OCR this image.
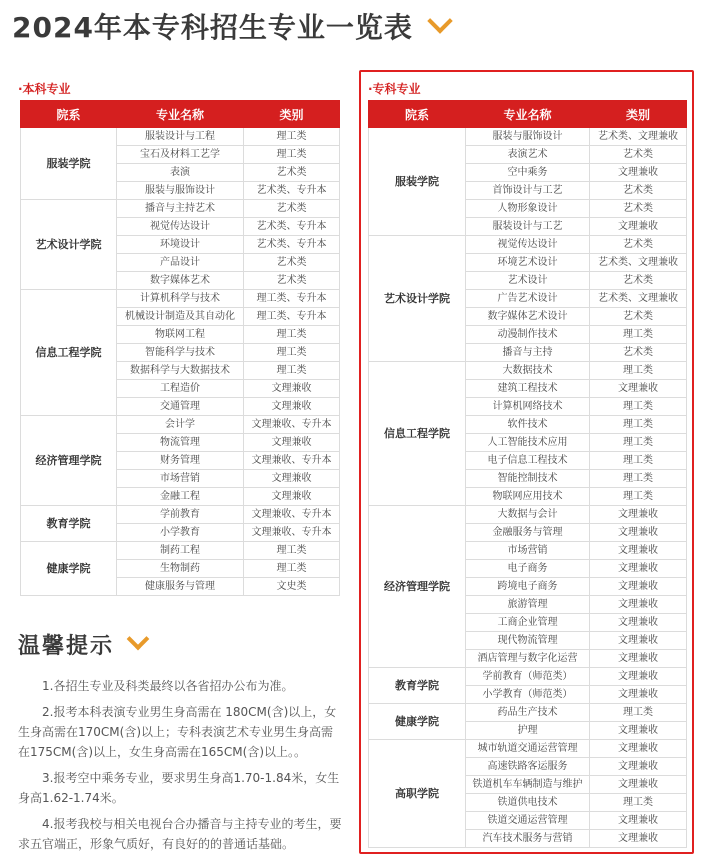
2024年本专科招生专业一览表
·本科专业
院系	专业名称	类别
服装学院	服装设计与工程	理工类
	宝石及材料工艺学	理工类
	表演	艺术类
	服装与服饰设计	艺术类、专升本
艺术设计学院	播音与主持艺术	艺术类
	视觉传达设计	艺术类、专升本
	环境设计	艺术类、专升本
	产品设计	艺术类
	数字媒体艺术	艺术类
信息工程学院	计算机科学与技术	理工类、专升本
	机械设计制造及其自动化	理工类、专升本
	物联网工程	理工类
	智能科学与技术	理工类
	数据科学与大数据技术	理工类
	工程造价	文理兼收
	交通管理	文理兼收
经济管理学院	会计学	文理兼收、专升本
	物流管理	文理兼收
	财务管理	文理兼收、专升本
	市场营销	文理兼收
	金融工程	文理兼收
教育学院	学前教育	文理兼收、专升本
	小学教育	文理兼收、专升本
健康学院	制药工程	理工类
	生物制药	理工类
	健康服务与管理	文史类
·专科专业
院系	专业名称	类别
服装学院	服装与服饰设计	艺术类、文理兼收
	表演艺术	艺术类
	空中乘务	文理兼收
	首饰设计与工艺	艺术类
	人物形象设计	艺术类
	服装设计与工艺	文理兼收
艺术设计学院	视觉传达设计	艺术类
	环境艺术设计	艺术类、文理兼收
	艺术设计	艺术类
	广告艺术设计	艺术类、文理兼收
	数字媒体艺术设计	艺术类
	动漫制作技术	理工类
	播音与主持	艺术类
信息工程学院	大数据技术	理工类
	建筑工程技术	文理兼收
	计算机网络技术	理工类
	软件技术	理工类
	人工智能技术应用	理工类
	电子信息工程技术	理工类
	智能控制技术	理工类
	物联网应用技术	理工类
经济管理学院	大数据与会计	文理兼收
	金融服务与管理	文理兼收
	市场营销	文理兼收
	电子商务	文理兼收
	跨境电子商务	文理兼收
	旅游管理	文理兼收
	工商企业管理	文理兼收
	现代物流管理	文理兼收
	酒店管理与数字化运营	文理兼收
教育学院	学前教育（师范类）	文理兼收
	小学教育（师范类）	文理兼收
健康学院	药品生产技术	理工类
	护理	文理兼收
高职学院	城市轨道交通运营管理	文理兼收
	高速铁路客运服务	文理兼收
	铁道机车车辆制造与维护	文理兼收
	铁道供电技术	理工类
	铁道交通运营管理	文理兼收
	汽车技术服务与营销	文理兼收
温馨提示

1.各招生专业及科类最终以各省招办公布为准。

2.报考本科表演专业男生身高需在 180CM(含)以上，女生身高需在170CM(含)以上；专科表演艺术专业男生身高需在175CM(含)以上，女生身高需在165CM(含)以上。。

3.报考空中乘务专业，要求男生身高1.70-1.84米，女生身高1.62-1.74米。

4.报考我校与相关电视台合办播音与主持专业的考生，要求五官端正，形象气质好，有良好的的普通话基础。
